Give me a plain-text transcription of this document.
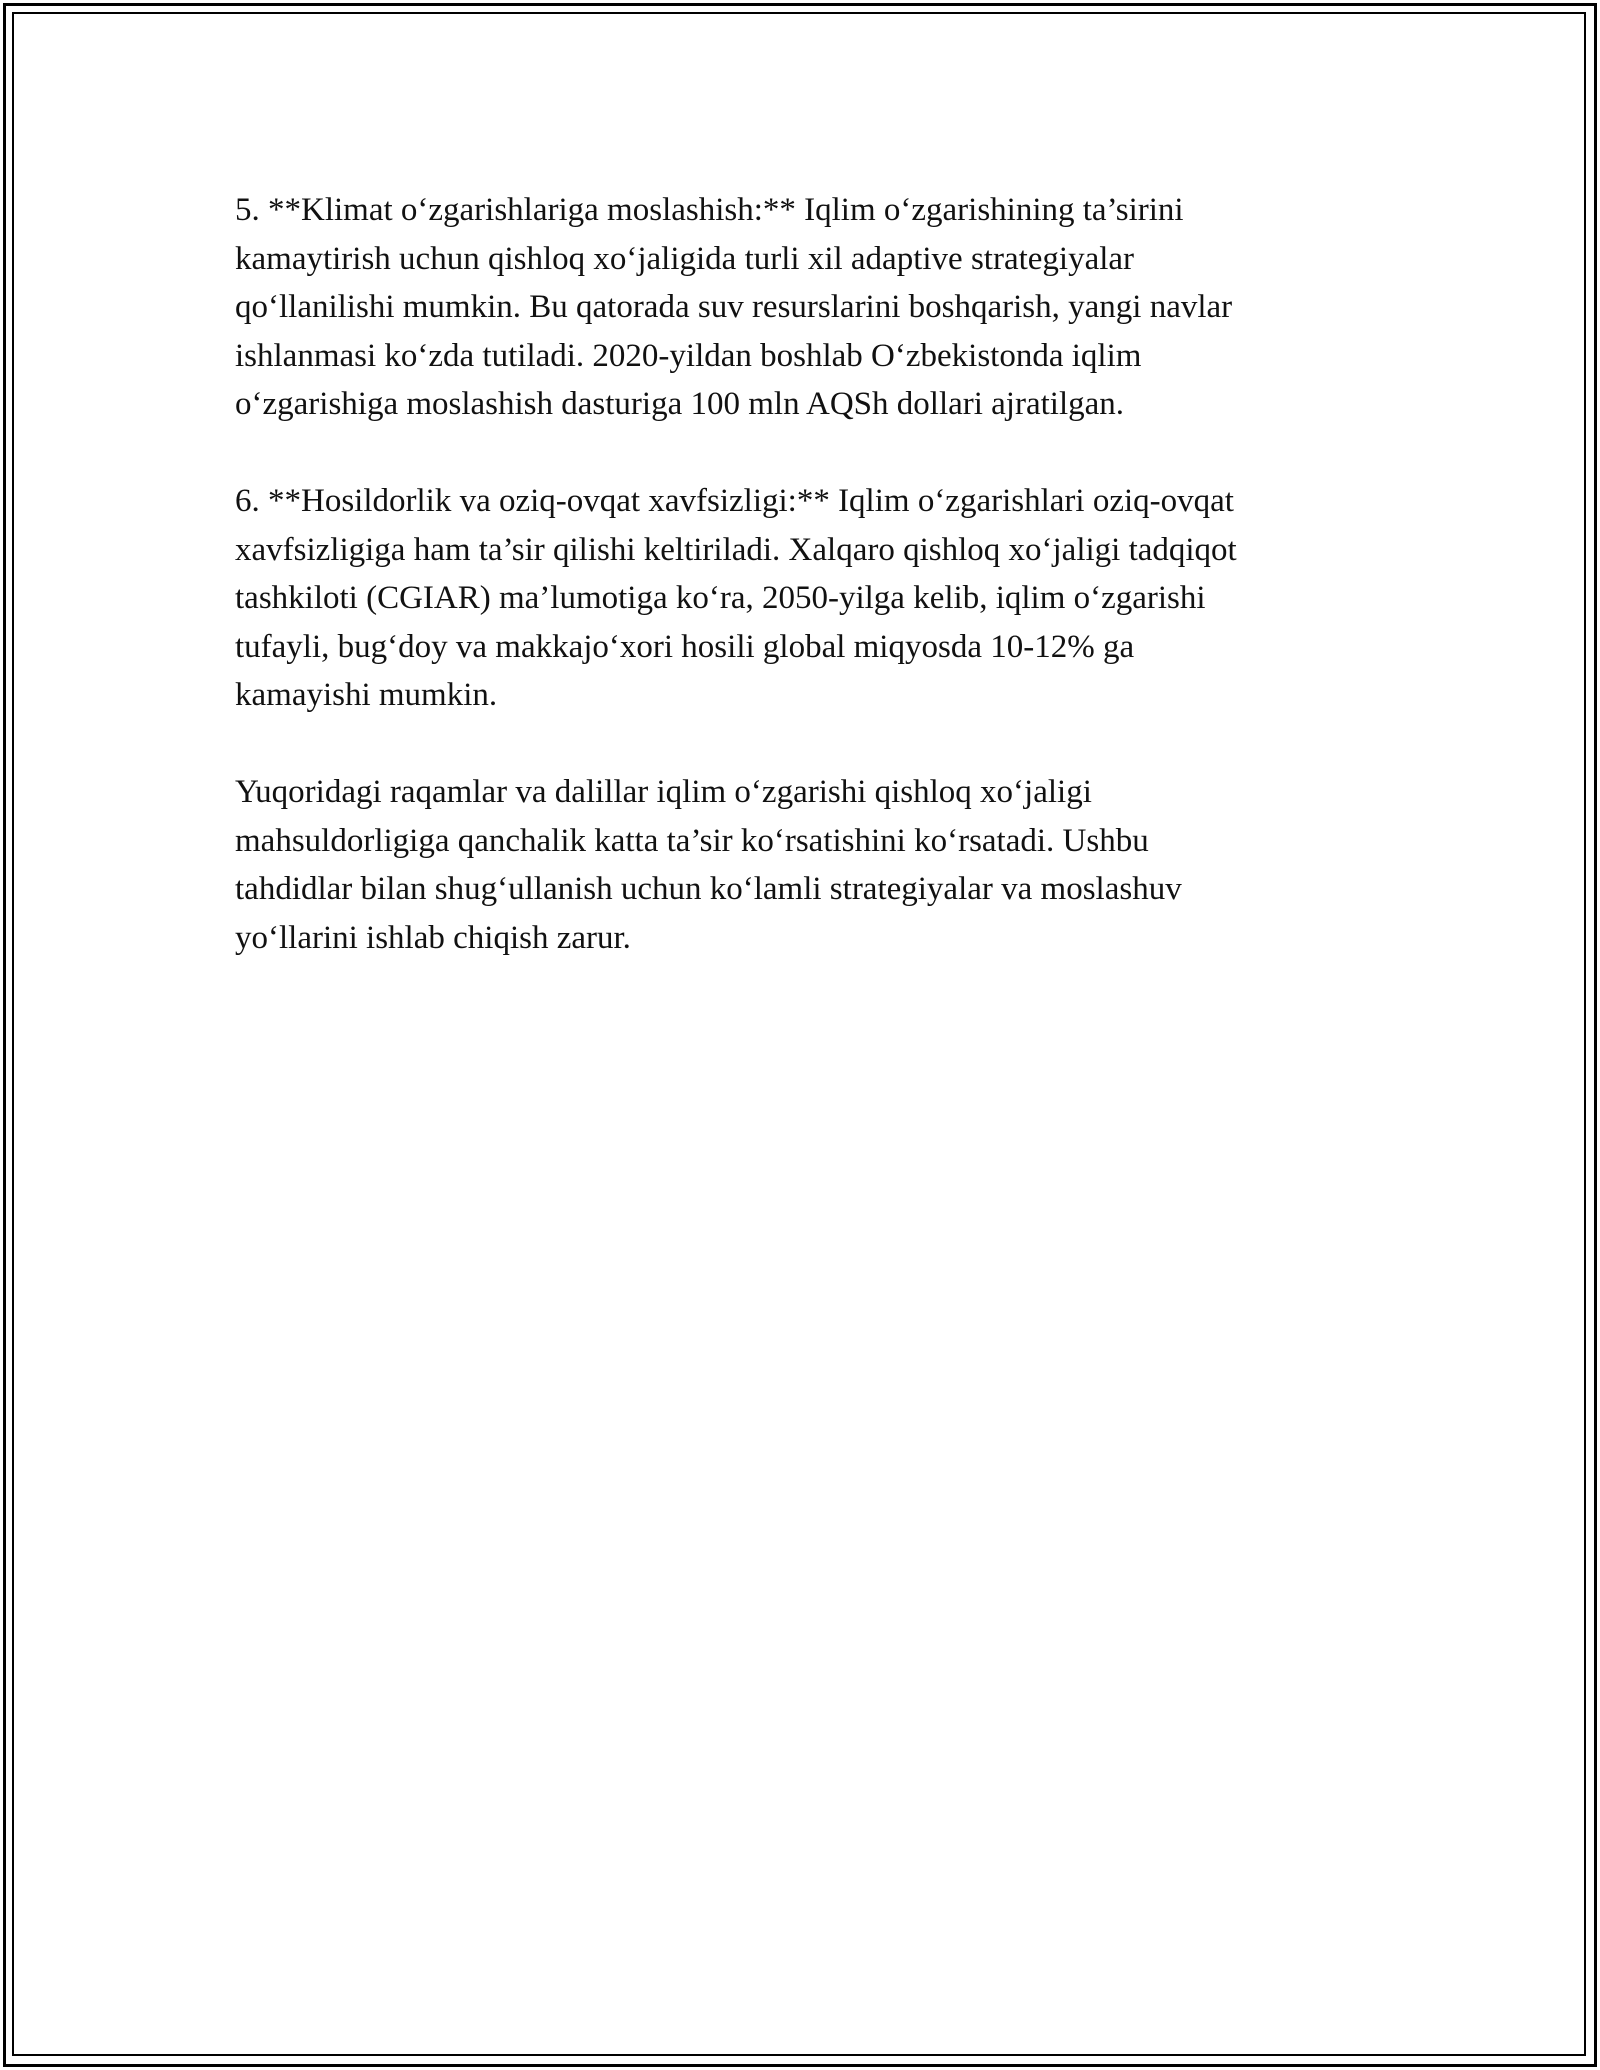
5. **Klimat o‘zgarishlariga moslashish:** Iqlim o‘zgarishining ta’sirini
kamaytirish uchun qishloq xo‘jaligida turli xil adaptive strategiyalar
qo‘llanilishi mumkin. Bu qatorada suv resurslarini boshqarish, yangi navlar
ishlanmasi ko‘zda tutiladi. 2020-yildan boshlab O‘zbekistonda iqlim
o‘zgarishiga moslashish dasturiga 100 mln AQSh dollari ajratilgan.

6. **Hosildorlik va oziq-ovqat xavfsizligi:** Iqlim o‘zgarishlari oziq-ovqat
xavfsizligiga ham ta’sir qilishi keltiriladi. Xalqaro qishloq xo‘jaligi tadqiqot
tashkiloti (CGIAR) ma’lumotiga ko‘ra, 2050-yilga kelib, iqlim o‘zgarishi
tufayli, bug‘doy va makkajo‘xori hosili global miqyosda 10-12% ga
kamayishi mumkin.

Yuqoridagi raqamlar va dalillar iqlim o‘zgarishi qishloq xo‘jaligi
mahsuldorligiga qanchalik katta ta’sir ko‘rsatishini ko‘rsatadi. Ushbu
tahdidlar bilan shug‘ullanish uchun ko‘lamli strategiyalar va moslashuv
yo‘llarini ishlab chiqish zarur.
